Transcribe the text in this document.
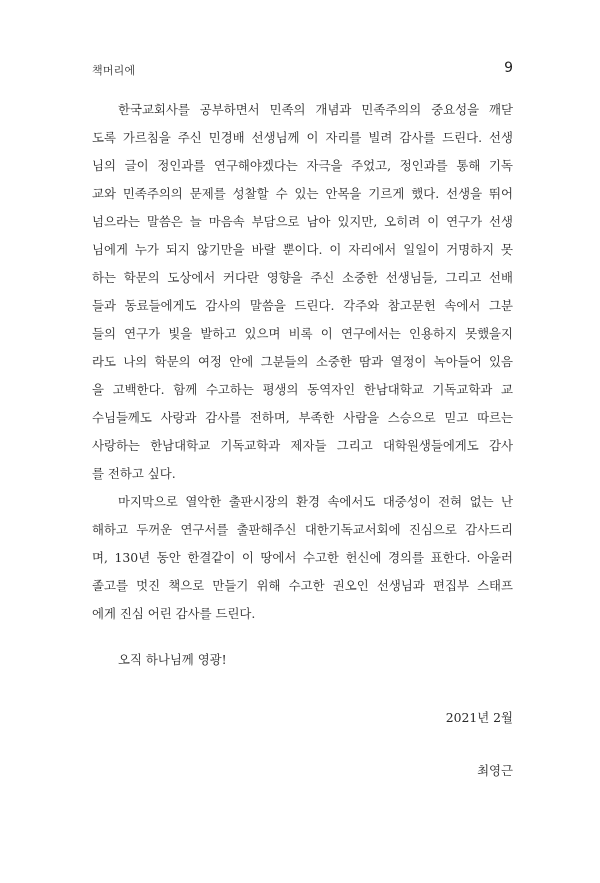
책머리에	9
한국교회사를 공부하면서 민족의 개념과 민족주의의 중요성을 깨닫
도록 가르침을 주신 민경배 선생님께 이 자리를 빌려 감사를 드린다. 선생
님의 글이 정인과를 연구해야겠다는 자극을 주었고, 정인과를 통해 기독
교와 민족주의의 문제를 성찰할 수 있는 안목을 기르게 했다. 선생을 뛰어
넘으라는 말씀은 늘 마음속 부담으로 남아 있지만, 오히려 이 연구가 선생
님에게 누가 되지 않기만을 바랄 뿐이다. 이 자리에서 일일이 거명하지 못
하는 학문의 도상에서 커다란 영향을 주신 소중한 선생님들, 그리고 선배
들과 동료들에게도 감사의 말씀을 드린다. 각주와 참고문헌 속에서 그분
들의 연구가 빛을 발하고 있으며 비록 이 연구에서는 인용하지 못했을지
라도 나의 학문의 여정 안에 그분들의 소중한 땀과 열정이 녹아들어 있음
을 고백한다. 함께 수고하는 평생의 동역자인 한남대학교 기독교학과 교
수님들께도 사랑과 감사를 전하며, 부족한 사람을 스승으로 믿고 따르는
사랑하는 한남대학교 기독교학과 제자들 그리고 대학원생들에게도 감사
를 전하고 싶다.
마지막으로 열악한 출판시장의 환경 속에서도 대중성이 전혀 없는 난
해하고 두꺼운 연구서를 출판해주신 대한기독교서회에 진심으로 감사드리
며, 130년 동안 한결같이 이 땅에서 수고한 헌신에 경의를 표한다. 아울러
졸고를 멋진 책으로 만들기 위해 수고한 권오인 선생님과 편집부 스태프
에게 진심 어린 감사를 드린다.
오직 하나님께 영광!
2021년 2월
최영근
